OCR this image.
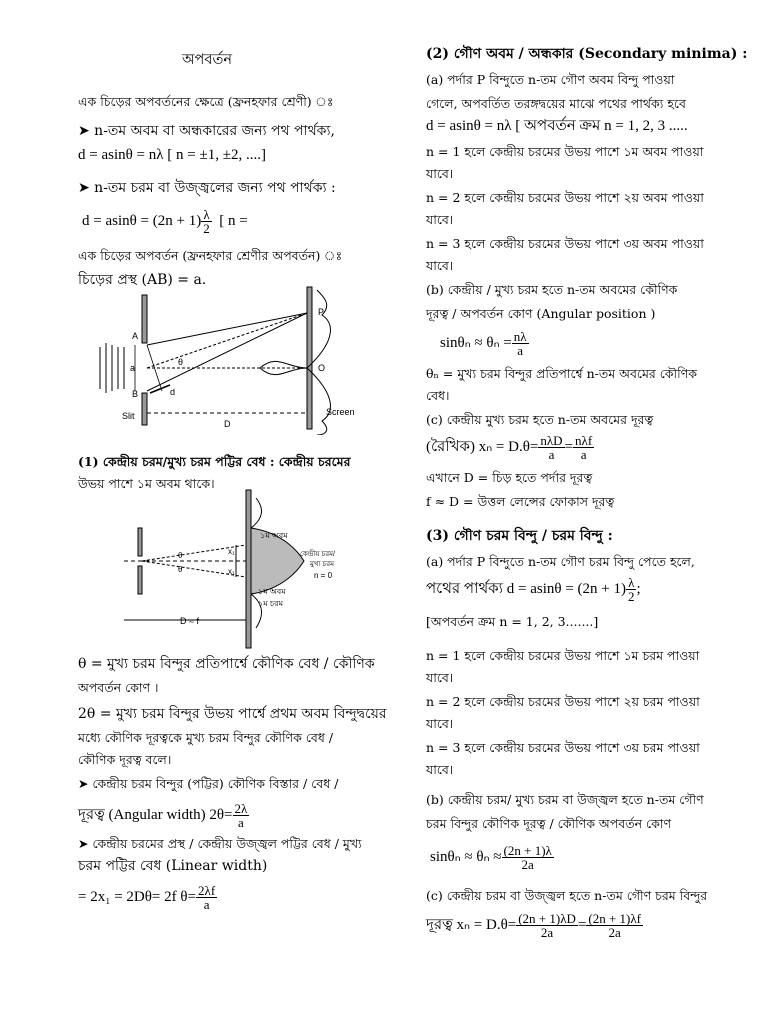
অপবর্তন
এক চিড়ের অপবর্তনের ক্ষেত্রে (ফ্রনহফার শ্রেণী) ঃ
➤ n-তম অবম বা অন্ধকারের জন্য পথ পার্থক্য,
d = asinθ = nλ [ n = ±1, ±2, ....]
➤ n-তম চরম বা উজ্জ্বলের জন্য পথ পার্থক্য :
$d = asin\theta = (2n + 1) \frac{\lambda}{2}$ [ n =
এক চিড়ের অপবর্তন (ফ্রনহফার শ্রেণীর অপবর্তন) ঃ
চিড়ের প্রস্থ (AB) = a.
A
a
B
Slit
d
θ
D
P
O
Screen
(1) কেন্দ্রীয় চরম/মুখ্য চরম পট্টির বেধ : কেন্দ্রীয় চরমের
উভয় পাশে ১ম অবম থাকে।
x₁
x₁
θ
θ
D ≈ f
১ম অবম
কেন্দ্রীয় চরম/
মুখ্য চরম
n = 0
১ম অবম
১ম চরম
θ = মুখ্য চরম বিন্দুর প্রতিপার্শ্বে কৌণিক বেধ / কৌণিক
অপবর্তন কোণ ।
2θ = মুখ্য চরম বিন্দুর উভয় পার্শ্বে প্রথম অবম বিন্দুদ্বয়ের
মধ্যে কৌণিক দূরত্বকে মুখ্য চরম বিন্দুর কৌণিক বেধ /
কৌণিক দূরত্ব বলে।
➤ কেন্দ্রীয় চরম বিন্দুর (পট্টির) কৌণিক বিস্তার / বেধ /
দূরত্ব (Angular width) $2\theta= \frac{2\lambda}{a}$
➤ কেন্দ্রীয় চরমের প্রস্থ / কেন্দ্রীয় উজ্জ্বল পট্টির বেধ / মুখ্য
চরম পট্টির বেধ (Linear width)
= 2x₁ = 2Dθ= 2f $\theta= \frac{2\lambda f}{a}$
(2) গৌণ অবম / অন্ধকার (Secondary minima) :
(a) পর্দার P বিন্দুতে n-তম গৌণ অবম বিন্দু পাওয়া
গেলে, অপবর্তিত তরঙ্গদ্বয়ের মাঝে পথের পার্থক্য হবে
d = asinθ = nλ [ অপবর্তন ক্রম n = 1, 2, 3 .....
n = 1 হলে কেন্দ্রীয় চরমের উভয় পাশে ১ম অবম পাওয়া
যাবে।
n = 2 হলে কেন্দ্রীয় চরমের উভয় পাশে ২য় অবম পাওয়া
যাবে।
n = 3 হলে কেন্দ্রীয় চরমের উভয় পাশে ৩য় অবম পাওয়া
যাবে।
(b) কেন্দ্রীয় / মুখ্য চরম হতে n-তম অবমের কৌণিক
দূরত্ব / অপবর্তন কোণ (Angular position )
$\sin\theta_n \approx \theta_n = \frac{n\lambda}{a}$
θₙ = মুখ্য চরম বিন্দুর প্রতিপার্শ্বে n-তম অবমের কৌণিক
বেধ।
(c) কেন্দ্রীয় মুখ্য চরম হতে n-তম অবমের দূরত্ব
(রৈখিক) $x_n = D.\theta= \frac{\text{nλD}}{a} = \frac{\text{nλf}}{a}$
এখানে D = চিড় হতে পর্দার দূরত্ব
f ≈ D = উত্তল লেন্সের ফোকাস দূরত্ব
(3) গৌণ চরম বিন্দু / চরম বিন্দু :
(a) পর্দার P বিন্দুতে n-তম গৌণ চরম বিন্দু পেতে হলে,
পথের পার্থক্য $d = asin\theta = (2n + 1) \frac{\lambda}{2}$ ;
[অপবর্তন ক্রম n = 1, 2, 3.......]
n = 1 হলে কেন্দ্রীয় চরমের উভয় পাশে ১ম চরম পাওয়া
যাবে।
n = 2 হলে কেন্দ্রীয় চরমের উভয় পাশে ২য় চরম পাওয়া
যাবে।
n = 3 হলে কেন্দ্রীয় চরমের উভয় পাশে ৩য় চরম পাওয়া
যাবে।
(b) কেন্দ্রীয় চরম/ মুখ্য চরম বা উজ্জ্বল হতে n-তম গৌণ
চরম বিন্দুর কৌণিক দূরত্ব / কৌণিক অপবর্তন কোণ
$\sin\theta_n \approx \theta_n \approx \frac{(2n + 1)\lambda}{2a}$
(c) কেন্দ্রীয় চরম বা উজ্জ্বল হতে n-তম গৌণ চরম বিন্দুর
দূরত্ব $x_n = D.\theta= \frac{(2n + 1)\lambda D}{2a} = \frac{(2n + 1)\lambda f}{2a}$
